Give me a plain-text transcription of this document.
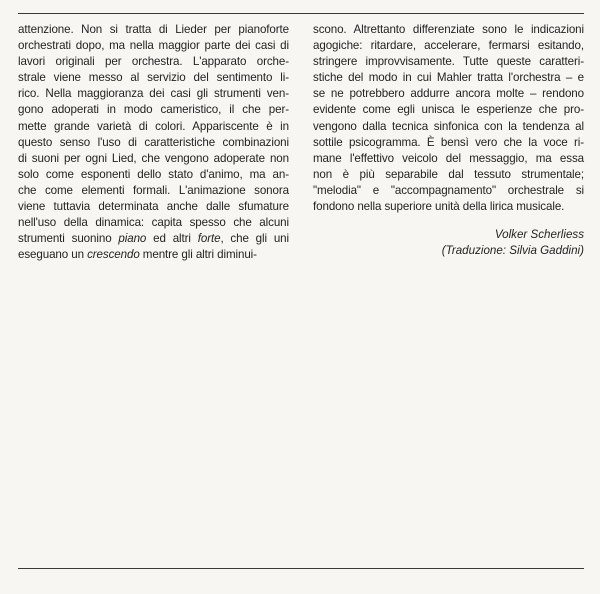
attenzione. Non si tratta di Lieder per pianoforte
orchestrati dopo, ma nella maggior parte dei casi di
lavori originali per orchestra. L'apparato orche-
strale viene messo al servizio del sentimento li-
rico. Nella maggioranza dei casi gli strumenti ven-
gono adoperati in modo cameristico, il che per-
mette grande varietà di colori. Appariscente è in
questo senso l'uso di caratteristiche combinazioni
di suoni per ogni Lied, che vengono adoperate non
solo come esponenti dello stato d'animo, ma an-
che come elementi formali. L'animazione sonora
viene tuttavia determinata anche dalle sfumature
nell'uso della dinamica: capita spesso che alcuni
strumenti suonino piano ed altri forte, che gli uni
eseguano un crescendo mentre gli altri diminui-
scono. Altrettanto differenziate sono le indicazioni
agogiche: ritardare, accelerare, fermarsi esitando,
stringere improvvisamente. Tutte queste caratteri-
stiche del modo in cui Mahler tratta l'orchestra – e
se ne potrebbero addurre ancora molte – rendono
evidente come egli unisca le esperienze che pro-
vengono dalla tecnica sinfonica con la tendenza al
sottile psicogramma. È bensì vero che la voce ri-
mane l'effettivo veicolo del messaggio, ma essa
non è più separabile dal tessuto strumentale;
"melodia" e "accompagnamento" orchestrale si
fondono nella superiore unità della lirica musicale.
Volker Scherliess
(Traduzione: Silvia Gaddini)
